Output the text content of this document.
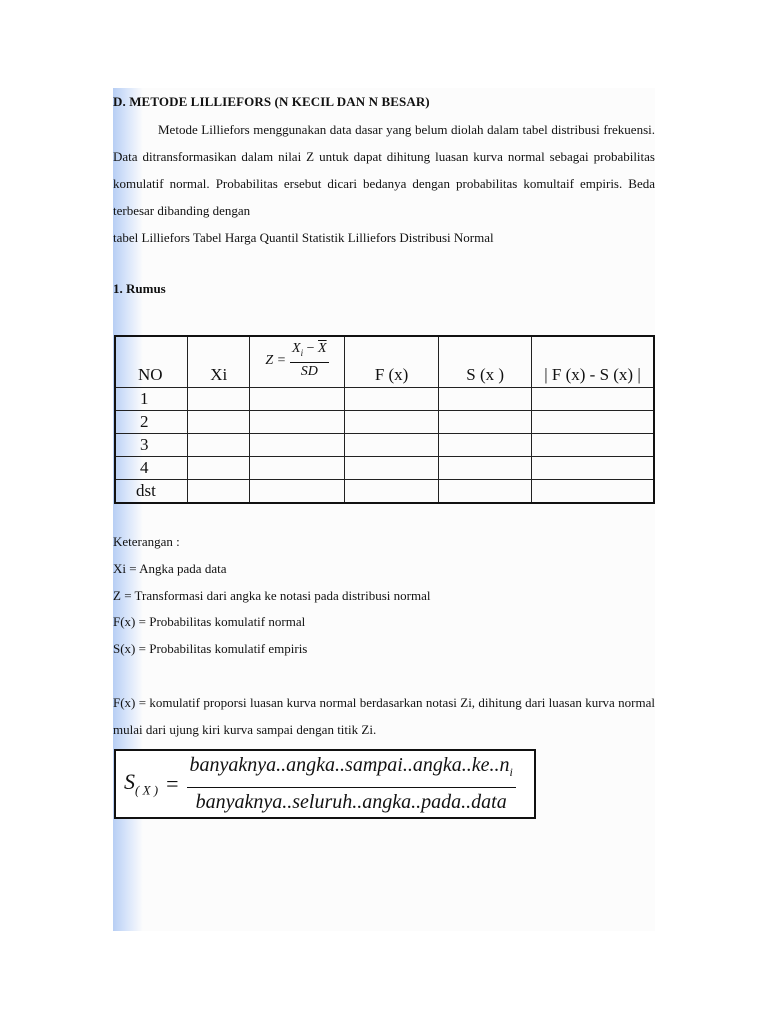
D. METODE LILLIEFORS (N KECIL DAN N BESAR)

Metode Lilliefors menggunakan data dasar yang belum diolah dalam tabel distribusi frekuensi. Data ditransformasikan dalam nilai Z untuk dapat dihitung luasan kurva normal sebagai probabilitas komulatif normal. Probabilitas ersebut dicari bedanya dengan probabilitas komultaif empiris. Beda terbesar dibanding dengan

tabel Lilliefors Tabel Harga Quantil Statistik Lilliefors Distribusi Normal

1. Rumus
NO	Xi	$Z = \frac{X_i - \overline{X}}{SD}$	F (x)	S (x )	| F (x) - S (x) |
1					
2					
3					
4					
dst					
Keterangan :
Xi = Angka pada data
Z = Transformasi dari angka ke notasi pada distribusi normal
F(x) = Probabilitas komulatif normal
S(x) = Probabilitas komulatif empiris

F(x) = komulatif proporsi luasan kurva normal berdasarkan notasi Zi, dihitung dari luasan kurva normal mulai dari ujung kiri kurva sampai dengan titik Zi.

$S_{( X )} = \frac{banyaknya..angka..sampai..angka..ke..n_i}{\text{banyaknya..seluruh..angka..pada..data}}$
